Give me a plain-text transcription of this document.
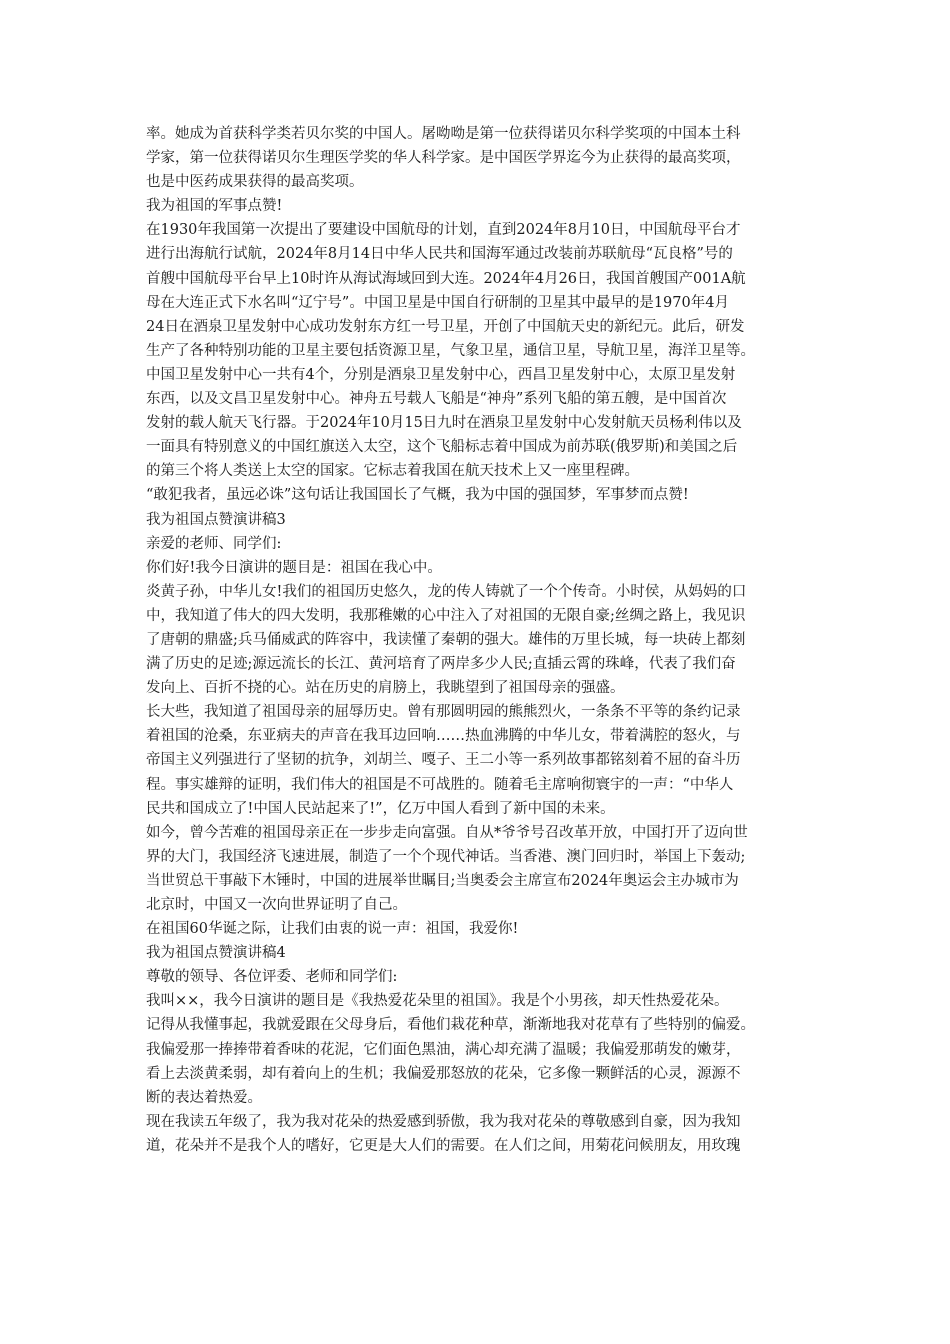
率。她成为首获科学类若贝尔奖的中国人。屠呦呦是第一位获得诺贝尔科学奖项的中国本土科
学家，第一位获得诺贝尔生理医学奖的华人科学家。是中国医学界迄今为止获得的最高奖项，
也是中医药成果获得的最高奖项。

我为祖国的军事点赞!

在1930年我国第一次提出了要建设中国航母的计划，直到2024年8月10日，中国航母平台才
进行出海航行试航，2024年8月14日中华人民共和国海军通过改装前苏联航母“瓦良格”号的
首艘中国航母平台早上10时许从海试海域回到大连。2024年4月26日，我国首艘国产001A航
母在大连正式下水名叫“辽宁号”。中国卫星是中国自行研制的卫星其中最早的是1970年4月
24日在酒泉卫星发射中心成功发射东方红一号卫星，开创了中国航天史的新纪元。此后，研发
生产了各种特别功能的卫星主要包括资源卫星，气象卫星，通信卫星，导航卫星，海洋卫星等。
中国卫星发射中心一共有4个，分别是酒泉卫星发射中心，西昌卫星发射中心，太原卫星发射
东西，以及文昌卫星发射中心。神舟五号载人飞船是“神舟”系列飞船的第五艘，是中国首次
发射的载人航天飞行器。于2024年10月15日九时在酒泉卫星发射中心发射航天员杨利伟以及
一面具有特别意义的中国红旗送入太空，这个飞船标志着中国成为前苏联(俄罗斯)和美国之后
的第三个将人类送上太空的国家。它标志着我国在航天技术上又一座里程碑。

“敢犯我者，虽远必诛”这句话让我国国长了气概，我为中国的强国梦，军事梦而点赞!

我为祖国点赞演讲稿3

亲爱的老师、同学们:

你们好!我今日演讲的题目是：祖国在我心中。

炎黄子孙，中华儿女!我们的祖国历史悠久，龙的传人铸就了一个个传奇。小时侯，从妈妈的口
中，我知道了伟大的四大发明，我那稚嫩的心中注入了对祖国的无限自豪;丝绸之路上，我见识
了唐朝的鼎盛;兵马俑威武的阵容中，我读懂了秦朝的强大。雄伟的万里长城，每一块砖上都刻
满了历史的足迹;源远流长的长江、黄河培育了两岸多少人民;直插云霄的珠峰，代表了我们奋
发向上、百折不挠的心。站在历史的肩膀上，我眺望到了祖国母亲的强盛。

长大些，我知道了祖国母亲的屈辱历史。曾有那圆明园的熊熊烈火，一条条不平等的条约记录
着祖国的沧桑，东亚病夫的声音在我耳边回响……热血沸腾的中华儿女，带着满腔的怒火，与
帝国主义列强进行了坚韧的抗争，刘胡兰、嘎子、王二小等一系列故事都铭刻着不屈的奋斗历
程。事实雄辩的证明，我们伟大的祖国是不可战胜的。随着毛主席响彻寰宇的一声：“中华人
民共和国成立了!中国人民站起来了!”，亿万中国人看到了新中国的未来。

如今，曾今苦难的祖国母亲正在一步步走向富强。自从*爷爷号召改革开放，中国打开了迈向世
界的大门，我国经济飞速进展，制造了一个个现代神话。当香港、澳门回归时，举国上下轰动;
当世贸总干事敲下木锤时，中国的进展举世瞩目;当奥委会主席宣布2024年奥运会主办城市为
北京时，中国又一次向世界证明了自己。

在祖国60华诞之际，让我们由衷的说一声：祖国，我爱你!

我为祖国点赞演讲稿4

尊敬的领导、各位评委、老师和同学们:

我叫××，我今日演讲的题目是《我热爱花朵里的祖国》。我是个小男孩，却天性热爱花朵。
记得从我懂事起，我就爱跟在父母身后，看他们栽花种草，渐渐地我对花草有了些特别的偏爱。
我偏爱那一捧捧带着香味的花泥，它们面色黑油，满心却充满了温暖；我偏爱那萌发的嫩芽，
看上去淡黄柔弱，却有着向上的生机；我偏爱那怒放的花朵，它多像一颗鲜活的心灵，源源不
断的表达着热爱。

现在我读五年级了，我为我对花朵的热爱感到骄傲，我为我对花朵的尊敬感到自豪，因为我知
道，花朵并不是我个人的嗜好，它更是大人们的需要。在人们之间，用菊花问候朋友，用玫瑰
